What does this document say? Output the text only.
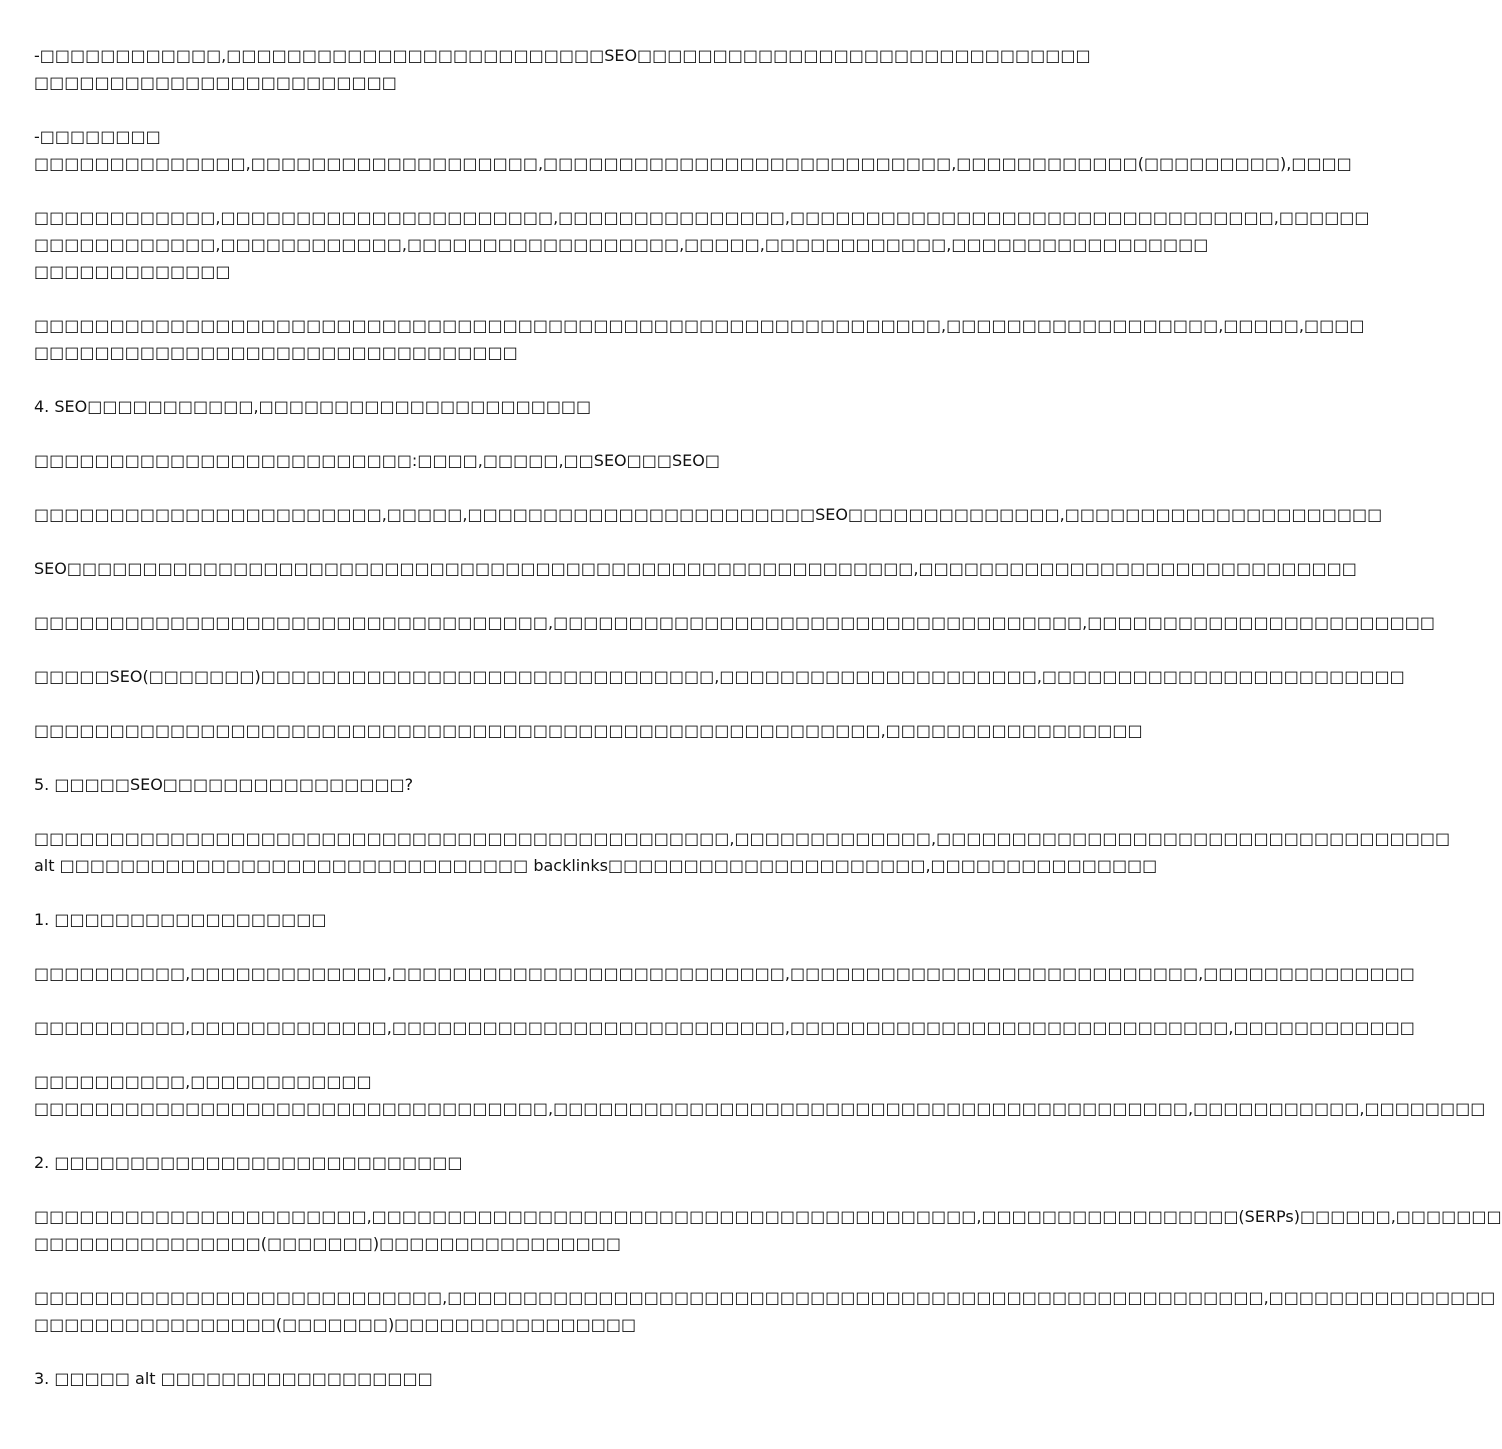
-□□□□□□□□□□□□,□□□□□□□□□□□□□□□□□□□□□□□□□SEO□□□□□□□□□□□□□□□□□□□□□□□□□□□□□□
□□□□□□□□□□□□□□□□□□□□□□□□
-□□□□□□□□
□□□□□□□□□□□□□□,□□□□□□□□□□□□□□□□□□□,□□□□□□□□□□□□□□□□□□□□□□□□□□□,□□□□□□□□□□□□(□□□□□□□□□),□□□□
□□□□□□□□□□□□,□□□□□□□□□□□□□□□□□□□□□□,□□□□□□□□□□□□□□□,□□□□□□□□□□□□□□□□□□□□□□□□□□□□□□□□,□□□□□□
□□□□□□□□□□□□,□□□□□□□□□□□□,□□□□□□□□□□□□□□□□□□,□□□□□,□□□□□□□□□□□□,□□□□□□□□□□□□□□□□□
□□□□□□□□□□□□□
□□□□□□□□□□□□□□□□□□□□□□□□□□□□□□□□□□□□□□□□□□□□□□□□□□□□□□□□□□□□,□□□□□□□□□□□□□□□□□□,□□□□□,□□□□
□□□□□□□□□□□□□□□□□□□□□□□□□□□□□□□□
4. SEO□□□□□□□□□□□,□□□□□□□□□□□□□□□□□□□□□□
□□□□□□□□□□□□□□□□□□□□□□□□□:□□□□,□□□□□,□□SEO□□□SEO□
□□□□□□□□□□□□□□□□□□□□□□□,□□□□□,□□□□□□□□□□□□□□□□□□□□□□□SEO□□□□□□□□□□□□□□,□□□□□□□□□□□□□□□□□□□□□
SEO□□□□□□□□□□□□□□□□□□□□□□□□□□□□□□□□□□□□□□□□□□□□□□□□□□□□□□□□,□□□□□□□□□□□□□□□□□□□□□□□□□□□□□
□□□□□□□□□□□□□□□□□□□□□□□□□□□□□□□□□□,□□□□□□□□□□□□□□□□□□□□□□□□□□□□□□□□□□□,□□□□□□□□□□□□□□□□□□□□□□□
□□□□□SEO(□□□□□□□)□□□□□□□□□□□□□□□□□□□□□□□□□□□□□□,□□□□□□□□□□□□□□□□□□□□□,□□□□□□□□□□□□□□□□□□□□□□□□
□□□□□□□□□□□□□□□□□□□□□□□□□□□□□□□□□□□□□□□□□□□□□□□□□□□□□□□□,□□□□□□□□□□□□□□□□□
5. □□□□□SEO□□□□□□□□□□□□□□□□?
□□□□□□□□□□□□□□□□□□□□□□□□□□□□□□□□□□□□□□□□□□□□□□,□□□□□□□□□□□□□,□□□□□□□□□□□□□□□□□□□□□□□□□□□□□□□□□□
alt □□□□□□□□□□□□□□□□□□□□□□□□□□□□□□□ backlinks□□□□□□□□□□□□□□□□□□□□□,□□□□□□□□□□□□□□□
1. □□□□□□□□□□□□□□□□□□
□□□□□□□□□□,□□□□□□□□□□□□□,□□□□□□□□□□□□□□□□□□□□□□□□□□,□□□□□□□□□□□□□□□□□□□□□□□□□□□,□□□□□□□□□□□□□□
□□□□□□□□□□,□□□□□□□□□□□□□,□□□□□□□□□□□□□□□□□□□□□□□□□□,□□□□□□□□□□□□□□□□□□□□□□□□□□□□□,□□□□□□□□□□□□
□□□□□□□□□□,□□□□□□□□□□□□
□□□□□□□□□□□□□□□□□□□□□□□□□□□□□□□□□□,□□□□□□□□□□□□□□□□□□□□□□□□□□□□□□□□□□□□□□□□□□,□□□□□□□□□□□,□□□□□□□□
2. □□□□□□□□□□□□□□□□□□□□□□□□□□□
□□□□□□□□□□□□□□□□□□□□□□,□□□□□□□□□□□□□□□□□□□□□□□□□□□□□□□□□□□□□□□□,□□□□□□□□□□□□□□□□□(SERPs)□□□□□□,□□□□□□□
□□□□□□□□□□□□□□□(□□□□□□□)□□□□□□□□□□□□□□□□
□□□□□□□□□□□□□□□□□□□□□□□□□□□,□□□□□□□□□□□□□□□□□□□□□□□□□□□□□□□□□□□□□□□□□□□□□□□□□□□□□□,□□□□□□□□□□□□□□□
□□□□□□□□□□□□□□□□(□□□□□□□)□□□□□□□□□□□□□□□□
3. □□□□□ alt □□□□□□□□□□□□□□□□□□
